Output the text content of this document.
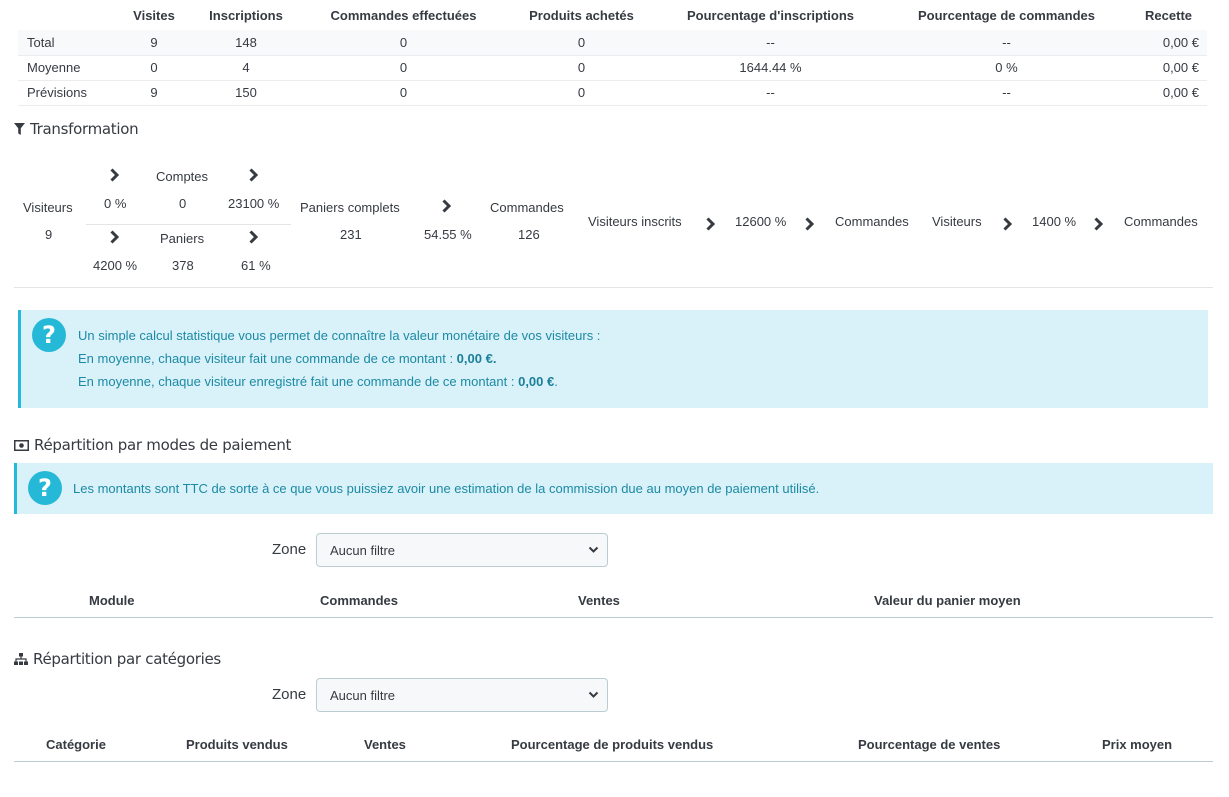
	Visites	Inscriptions	Commandes effectuées	Produits achetés	Pourcentage d'inscriptions	Pourcentage de commandes	Recette
Total	9	148	0	0	--	--	0,00 €
Moyenne	0	4	0	0	1644.44 %	0 %	0,00 €
Prévisions	9	150	0	0	--	--	0,00 €
Transformation
Visiteurs
9
0 %
Comptes
0	23100 %
4200 %
Paniers
378	61 %
Paniers complets
231	54.55 %
Commandes
126
Visiteurs inscrits	12600 %	Commandes Visiteurs	1400 %	Commandes
?	Un simple calcul statistique vous permet de connaître la valeur monétaire de vos visiteurs :
En moyenne, chaque visiteur fait une commande de ce montant : 0,00 €.
En moyenne, chaque visiteur enregistré fait une commande de ce montant : 0,00 €.
Répartition par modes de paiement
?	Les montants sont TTC de sorte à ce que vous puissiez avoir une estimation de la commission due au moyen de paiement utilisé.
Zone Aucun filtre
Module	Commandes	Ventes	Valeur du panier moyen
Répartition par catégories
Zone Aucun filtre
Catégorie	Produits vendus	Ventes	Pourcentage de produits vendus	Pourcentage de ventes	Prix moyen
